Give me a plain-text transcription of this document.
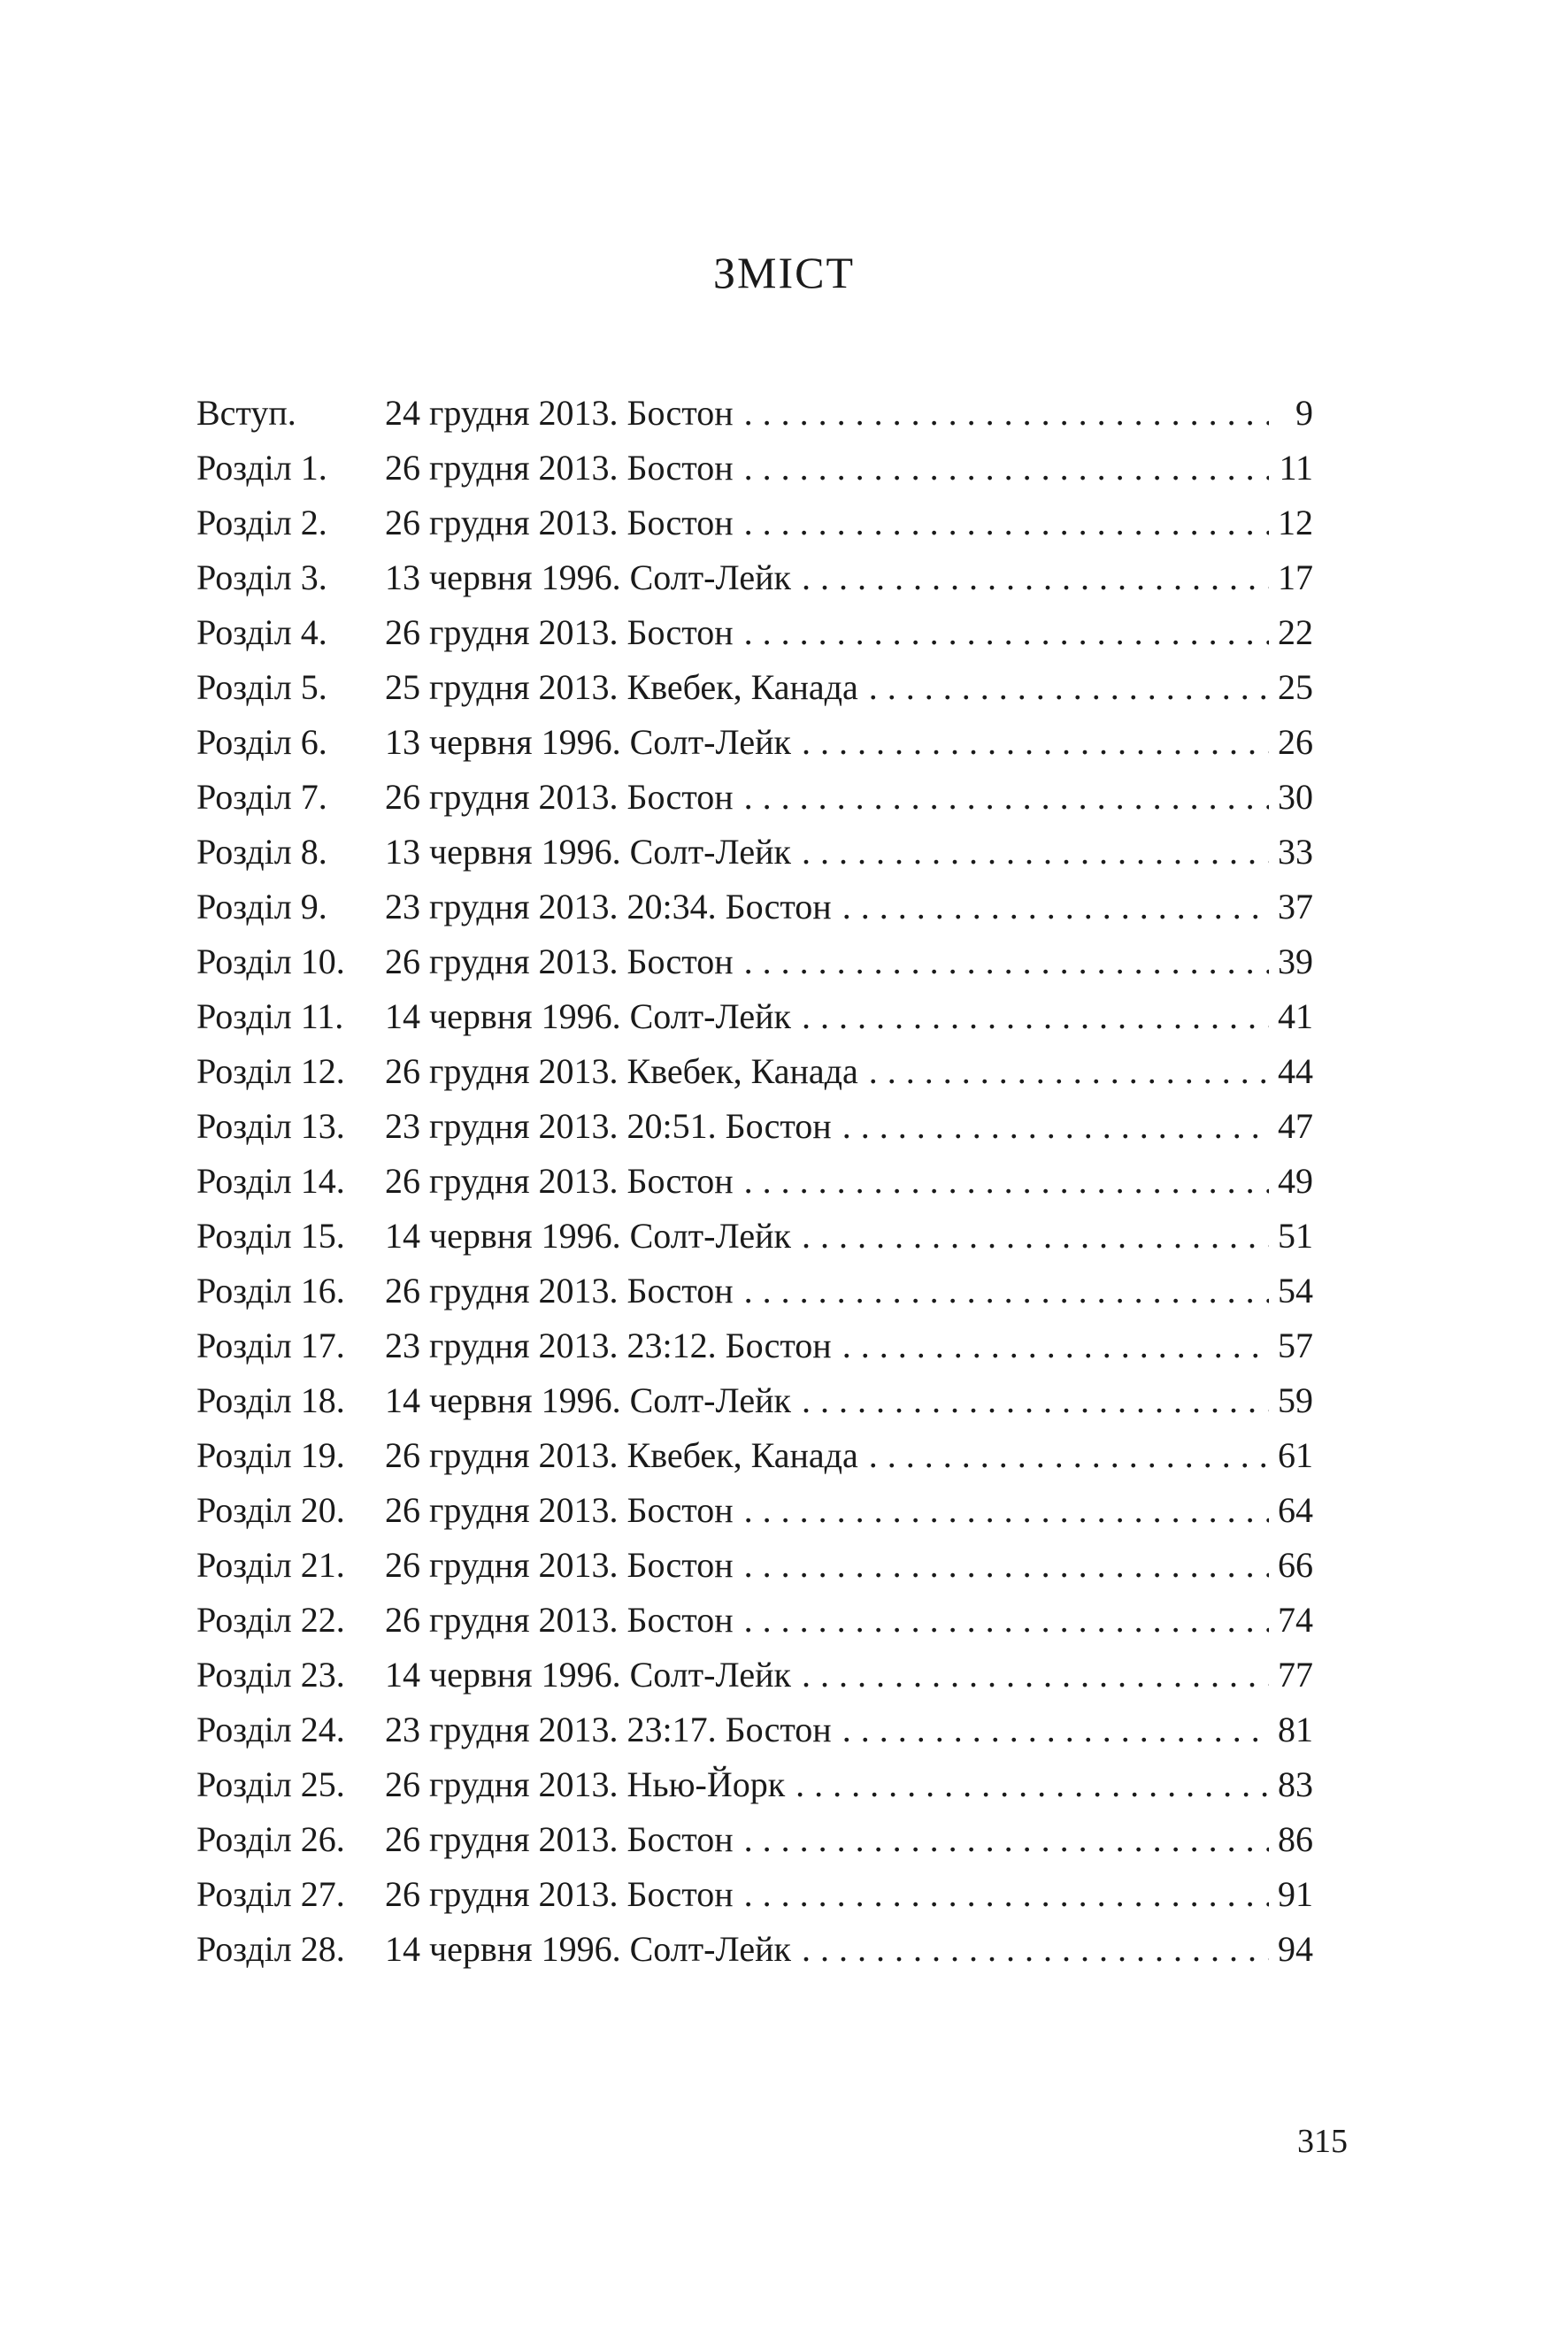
ЗМІСТ
Вступ.	24 грудня 2013. Бостон . . .	9
Розділ 1.	26 грудня 2013. Бостон . . .	11
Розділ 2.	26 грудня 2013. Бостон . . .	12
Розділ 3.	13 червня 1996. Солт-Лейк . . .	17
Розділ 4.	26 грудня 2013. Бостон . . .	22
Розділ 5.	25 грудня 2013. Квебек, Канада . . .	25
Розділ 6.	13 червня 1996. Солт-Лейк . . .	26
Розділ 7.	26 грудня 2013. Бостон . . .	30
Розділ 8.	13 червня 1996. Солт-Лейк . . .	33
Розділ 9.	23 грудня 2013. 20:34. Бостон . . .	37
Розділ 10.	26 грудня 2013. Бостон . . .	39
Розділ 11.	14 червня 1996. Солт-Лейк . . .	41
Розділ 12.	26 грудня 2013. Квебек, Канада . . .	44
Розділ 13.	23 грудня 2013. 20:51. Бостон . . .	47
Розділ 14.	26 грудня 2013. Бостон . . .	49
Розділ 15.	14 червня 1996. Солт-Лейк . . .	51
Розділ 16.	26 грудня 2013. Бостон . . .	54
Розділ 17.	23 грудня 2013. 23:12. Бостон . . .	57
Розділ 18.	14 червня 1996. Солт-Лейк . . .	59
Розділ 19.	26 грудня 2013. Квебек, Канада . . .	61
Розділ 20.	26 грудня 2013. Бостон . . .	64
Розділ 21.	26 грудня 2013. Бостон . . .	66
Розділ 22.	26 грудня 2013. Бостон . . .	74
Розділ 23.	14 червня 1996. Солт-Лейк . . .	77
Розділ 24.	23 грудня 2013. 23:17. Бостон . . .	81
Розділ 25.	26 грудня 2013. Нью-Йорк . . .	83
Розділ 26.	26 грудня 2013. Бостон . . .	86
Розділ 27.	26 грудня 2013. Бостон . . .	91
Розділ 28.	14 червня 1996. Солт-Лейк . . .	94
315
